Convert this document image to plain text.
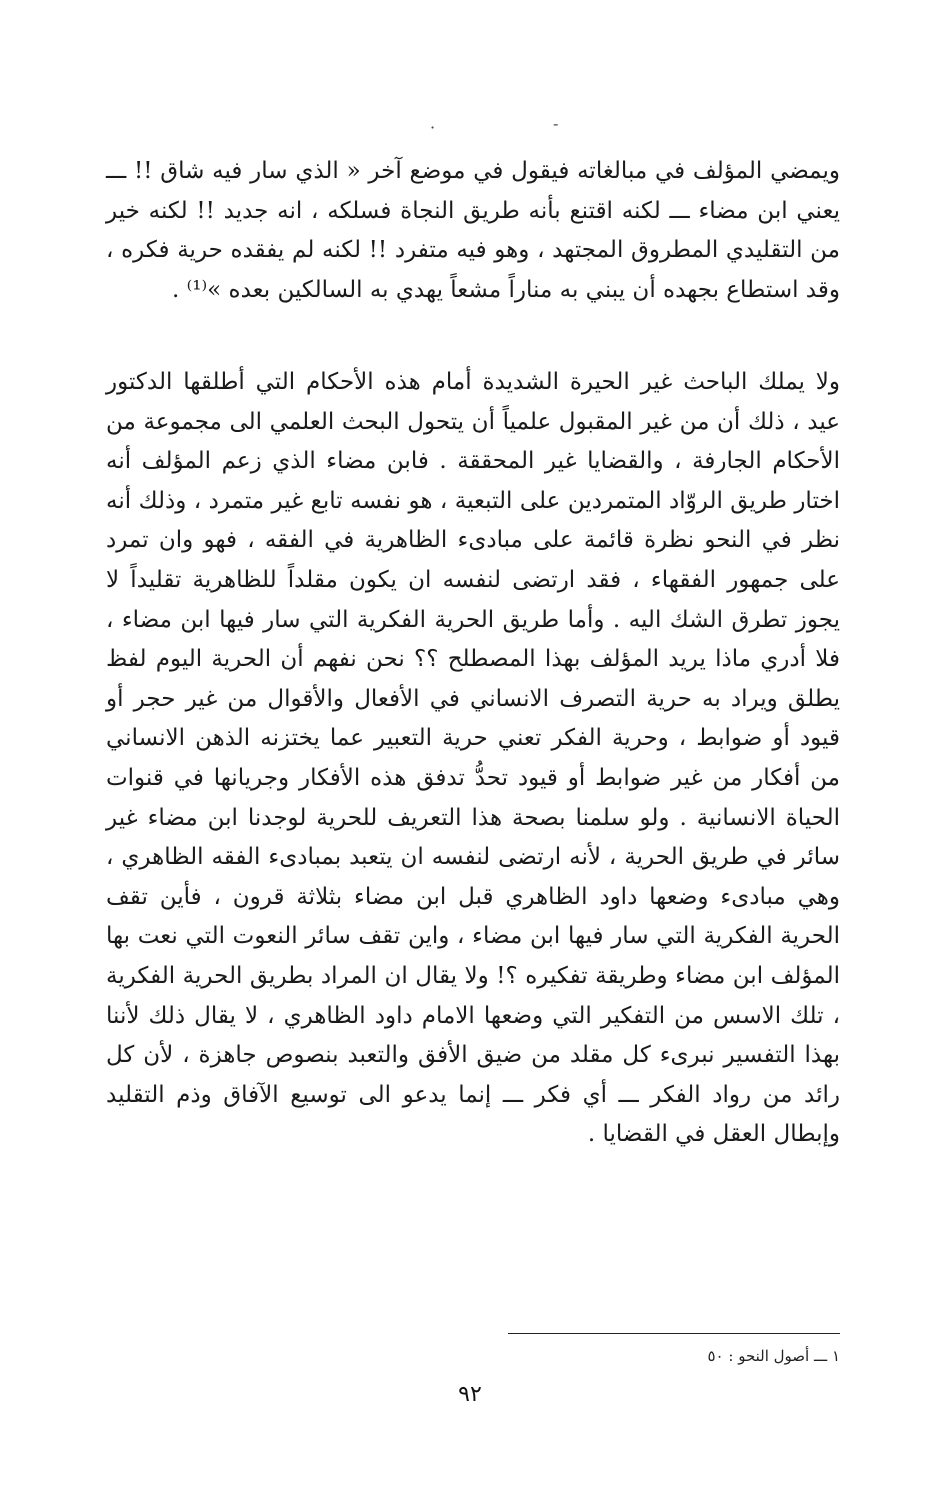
·	-

ويمضي المؤلف في مبالغاته فيقول في موضع آخر « الذي سار فيه شاق !! ـــ يعني ابن مضاء ـــ لكنه اقتنع بأنه طريق النجاة فسلكه ، انه جديد !! لكنه خير من التقليدي المطروق المجتهد ، وهو فيه متفرد !! لكنه لم يفقده حرية فكره ، وقد استطاع بجهده أن يبني به مناراً مشعاً يهدي به السالكين بعده »⁽¹⁾ .

ولا يملك الباحث غير الحيرة الشديدة أمام هذه الأحكام التي أطلقها الدكتور عيد ، ذلك أن من غير المقبول علمياً أن يتحول البحث العلمي الى مجموعة من الأحكام الجارفة ، والقضايا غير المحققة . فابن مضاء الذي زعم المؤلف أنه اختار طريق الروّاد المتمردين على التبعية ، هو نفسه تابع غير متمرد ، وذلك أنه نظر في النحو نظرة قائمة على مبادىء الظاهرية في الفقه ، فهو وان تمرد على جمهور الفقهاء ، فقد ارتضى لنفسه ان يكون مقلداً للظاهرية تقليداً لا يجوز تطرق الشك اليه . وأما طريق الحرية الفكرية التي سار فيها ابن مضاء ، فلا أدري ماذا يريد المؤلف بهذا المصطلح ؟؟ نحن نفهم أن الحرية اليوم لفظ يطلق ويراد به حرية التصرف الانساني في الأفعال والأقوال من غير حجر أو قيود أو ضوابط ، وحرية الفكر تعني حرية التعبير عما يختزنه الذهن الانساني من أفكار من غير ضوابط أو قيود تحدُّ تدفق هذه الأفكار وجريانها في قنوات الحياة الانسانية . ولو سلمنا بصحة هذا التعريف للحرية لوجدنا ابن مضاء غير سائر في طريق الحرية ، لأنه ارتضى لنفسه ان يتعبد بمبادىء الفقه الظاهري ، وهي مبادىء وضعها داود الظاهري قبل ابن مضاء بثلاثة قرون ، فأين تقف الحرية الفكرية التي سار فيها ابن مضاء ، واين تقف سائر النعوت التي نعت بها المؤلف ابن مضاء وطريقة تفكيره ؟! ولا يقال ان المراد بطريق الحرية الفكرية ، تلك الاسس من التفكير التي وضعها الامام داود الظاهري ، لا يقال ذلك لأننا بهذا التفسير نبرىء كل مقلد من ضيق الأفق والتعبد بنصوص جاهزة ، لأن كل رائد من رواد الفكر ـــ أي فكر ـــ إنما يدعو الى توسيع الآفاق وذم التقليد وإبطال العقل في القضايا .

١ ـــ أصول النحو : ٥٠
٩٢
